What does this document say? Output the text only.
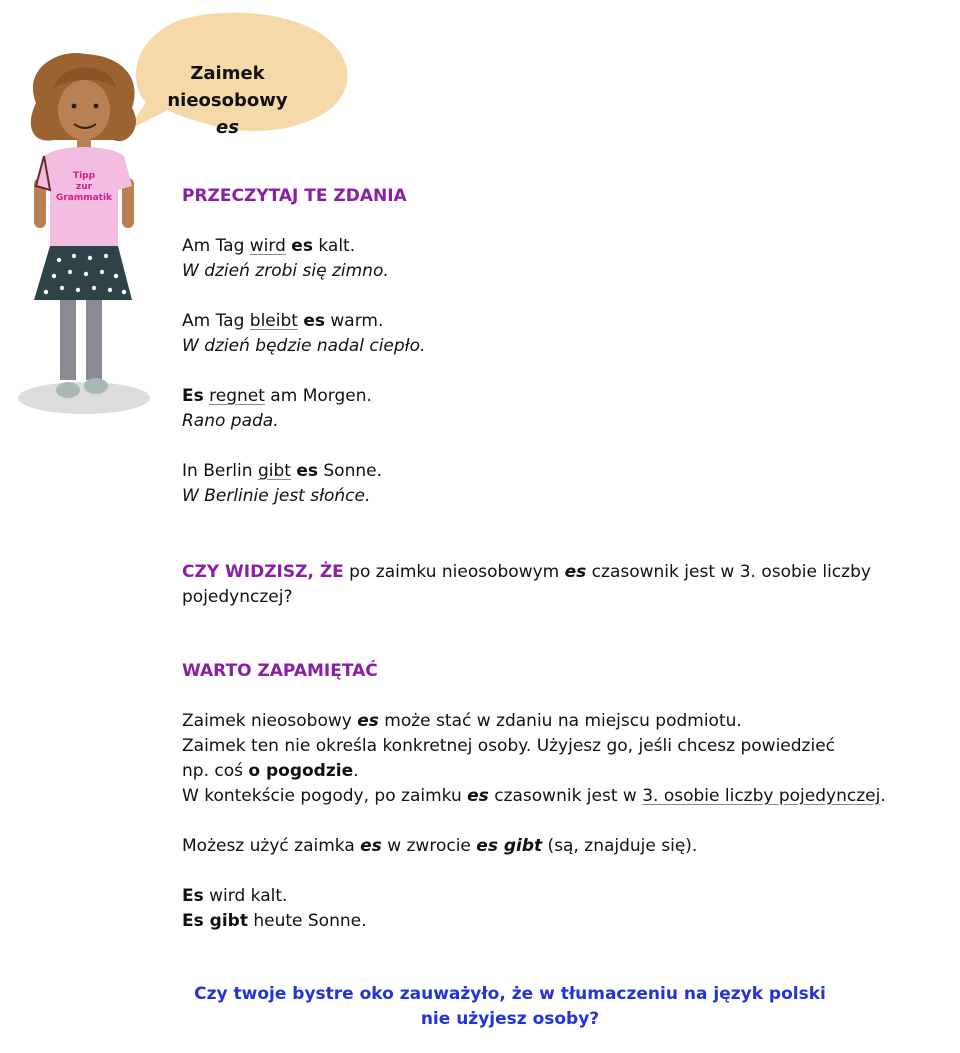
Zaimek nieosobowy
es
Tipp
zur
Grammatik	PRZECZYTAJ TE ZDANIA
Am Tag wird es kalt.
W dzień zrobi się zimno.
Am Tag bleibt es warm.
W dzień będzie nadal ciepło.
Es regnet am Morgen.
Rano pada.
In Berlin gibt es Sonne.
W Berlinie jest słońce.
CZY WIDZISZ, ŻE po zaimku nieosobowym es czasownik jest w 3. osobie liczby
pojedynczej?
WARTO ZAPAMIĘTAĆ
Zaimek nieosobowy es może stać w zdaniu na miejscu podmiotu.
Zaimek ten nie określa konkretnej osoby. Użyjesz go, jeśli chcesz powiedzieć
np. coś o pogodzie.
W kontekście pogody, po zaimku es czasownik jest w 3. osobie liczby pojedynczej.
Możesz użyć zaimka es w zwrocie es gibt (są, znajduje się).
Es wird kalt.
Es gibt heute Sonne.
Czy twoje bystre oko zauważyło, że w tłumaczeniu na język polski
nie użyjesz osoby?
